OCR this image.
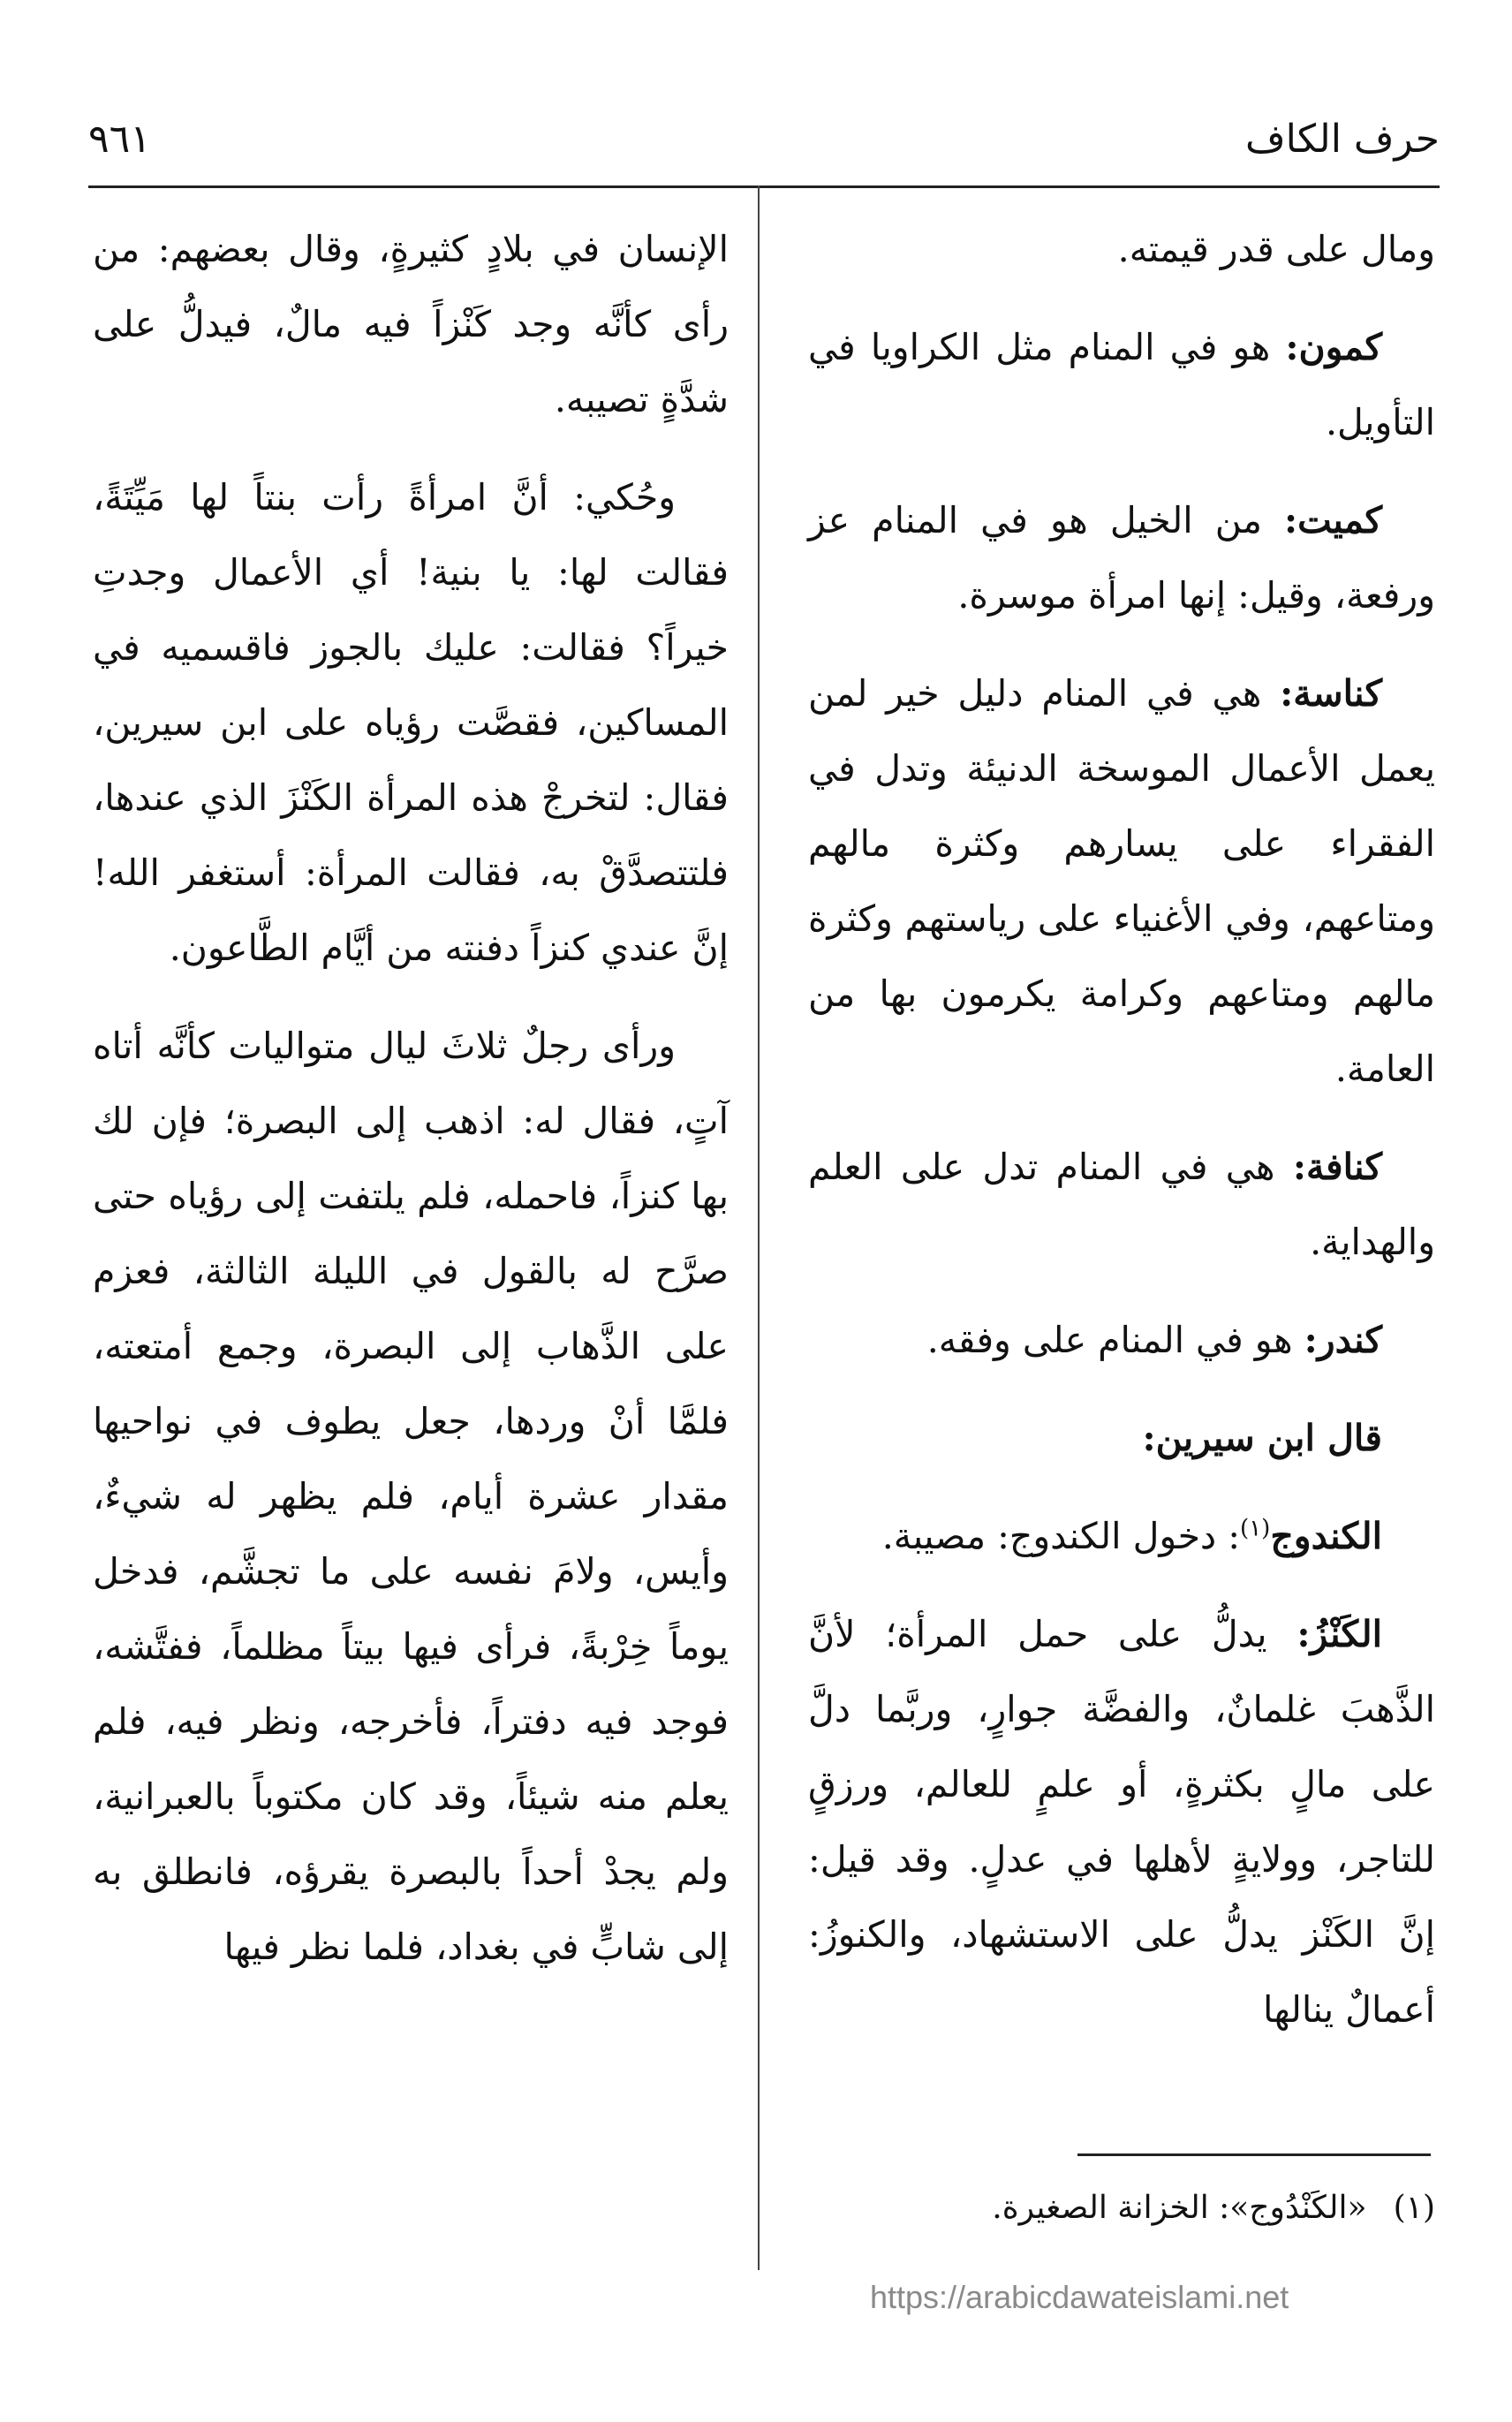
حرف الكاف
٩٦١

ومال على قدر قيمته.

كمون: هو في المنام مثل الكراويا في التأويل.

كميت: من الخيل هو في المنام عز ورفعة، وقيل: إنها امرأة موسرة.

كناسة: هي في المنام دليل خير لمن يعمل الأعمال الموسخة الدنيئة وتدل في الفقراء على يسارهم وكثرة مالهم ومتاعهم، وفي الأغنياء على رياستهم وكثرة مالهم ومتاعهم وكرامة يكرمون بها من العامة.

كنافة: هي في المنام تدل على العلم والهداية.

كندر: هو في المنام على وفقه.

قال ابن سيرين:

الكندوج$^{(١)}$: دخول الكندوج: مصيبة.

الكَنْزُ: يدلُّ على حمل المرأة؛ لأنَّ الذَّهبَ غلمانٌ، والفضَّة جوارٍ، وربَّما دلَّ على مالٍ بكثرةٍ، أو علمٍ للعالم، ورزقٍ للتاجر، وولايةٍ لأهلها في عدلٍ. وقد قيل: إنَّ الكَنْز يدلُّ على الاستشهاد، والكنوزُ: أعمالٌ ينالها

الإنسان في بلادٍ كثيرةٍ، وقال بعضهم: من رأى كأنَّه وجد كَنْزاً فيه مالٌ، فيدلُّ على شدَّةٍ تصيبه.

وحُكي: أنَّ امرأةً رأت بنتاً لها مَيِّتَةً، فقالت لها: يا بنية! أي الأعمال وجدتِ خيراً؟ فقالت: عليك بالجوز فاقسميه في المساكين، فقصَّت رؤياه على ابن سيرين، فقال: لتخرجْ هذه المرأة الكَنْزَ الذي عندها، فلتتصدَّقْ به، فقالت المرأة: أستغفر الله! إنَّ عندي كنزاً دفنته من أيَّام الطَّاعون.

ورأى رجلٌ ثلاثَ ليال متواليات كأنَّه أتاه آتٍ، فقال له: اذهب إلى البصرة؛ فإن لك بها كنزاً، فاحمله، فلم يلتفت إلى رؤياه حتى صرَّح له بالقول في الليلة الثالثة، فعزم على الذَّهاب إلى البصرة، وجمع أمتعته، فلمَّا أنْ وردها، جعل يطوف في نواحيها مقدار عشرة أيام، فلم يظهر له شيءٌ، وأيس، ولامَ نفسه على ما تجشَّم، فدخل يوماً خِرْبةً، فرأى فيها بيتاً مظلماً، ففتَّشه، فوجد فيه دفتراً، فأخرجه، ونظر فيه، فلم يعلم منه شيئاً، وقد كان مكتوباً بالعبرانية، ولم يجدْ أحداً بالبصرة يقرؤه، فانطلق به إلى شابٍّ في بغداد، فلما نظر فيها

(١)«الكَنْدُوج»: الخزانة الصغيرة.
https://arabicdawateislami.net
